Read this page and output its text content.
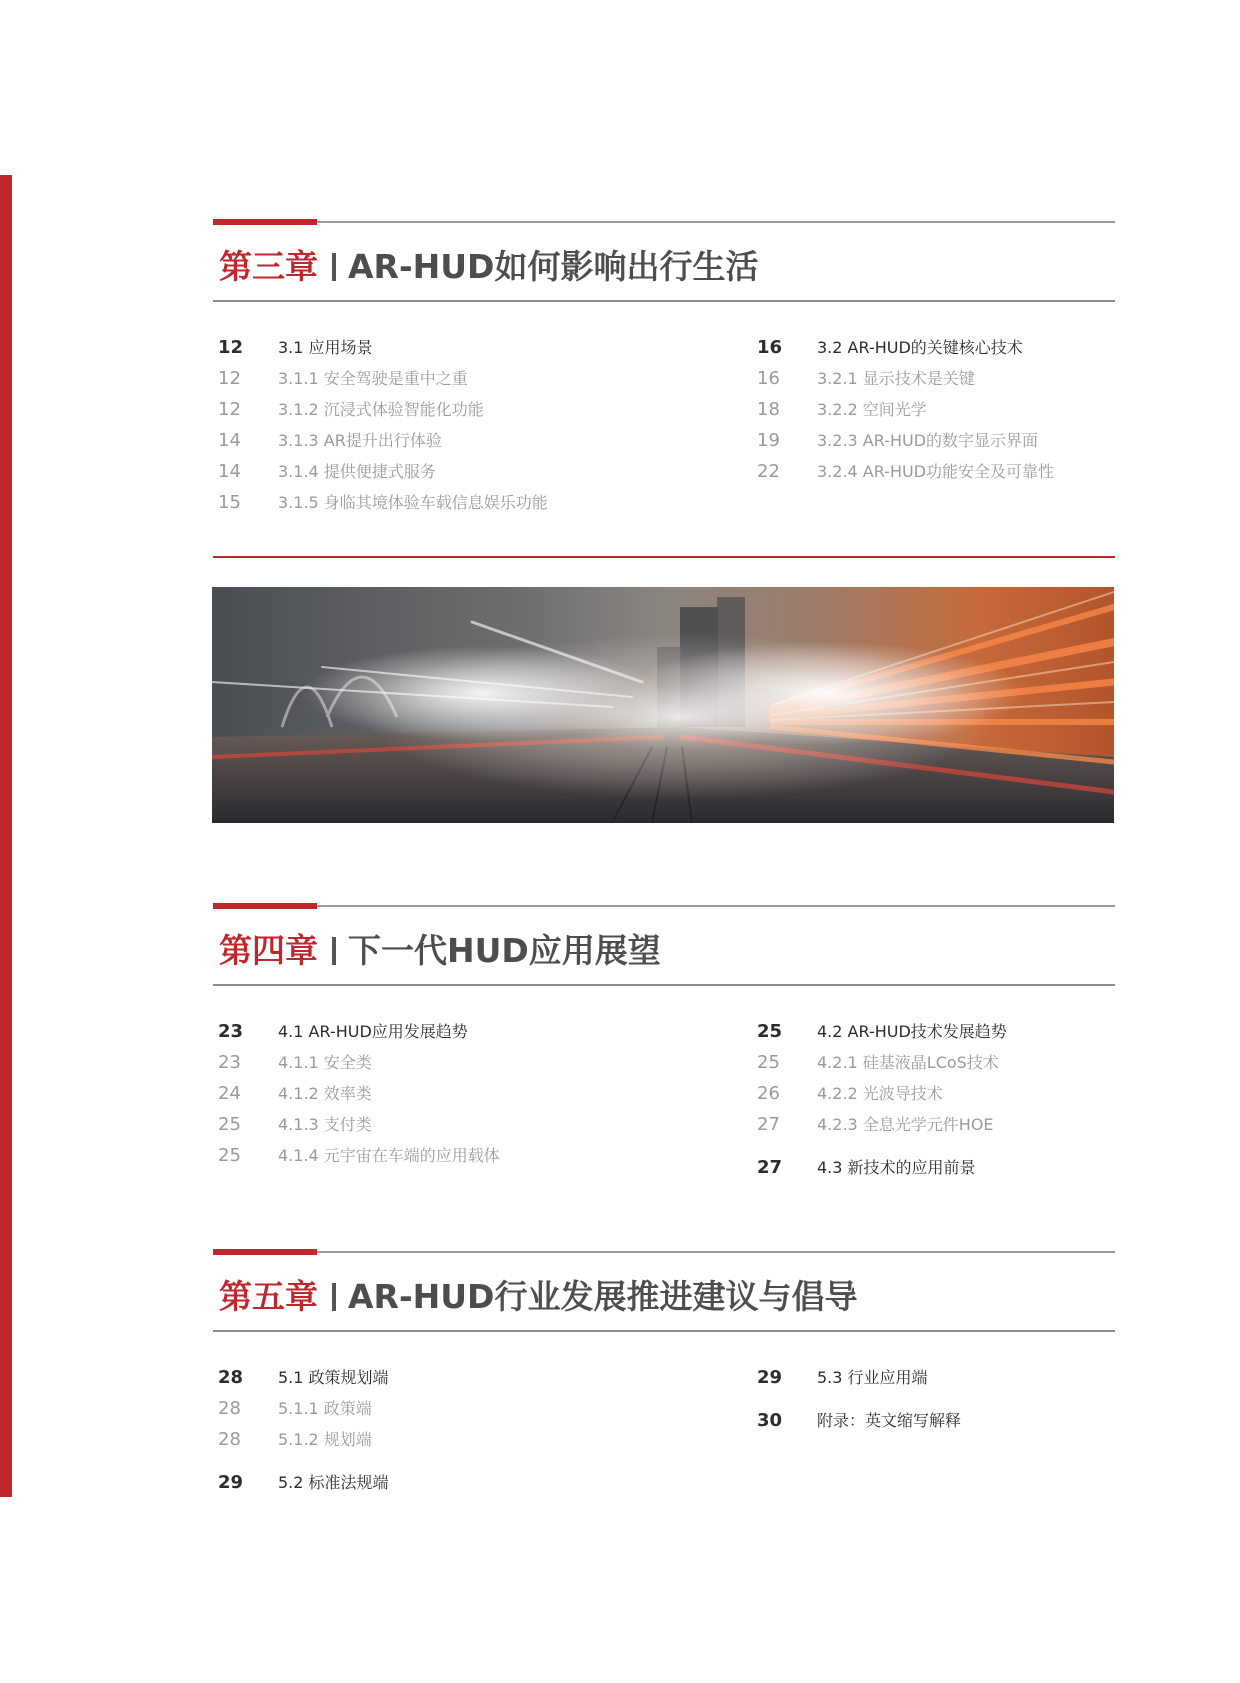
第三章 AR-HUD如何影响出行生活
12 3.1 应用场景
12 3.1.1 安全驾驶是重中之重
12 3.1.2 沉浸式体验智能化功能
14 3.1.3 AR提升出行体验
14 3.1.4 提供便捷式服务
15 3.1.5 身临其境体验车载信息娱乐功能
16 3.2 AR-HUD的关键核心技术
16 3.2.1 显示技术是关键
18 3.2.2 空间光学
19 3.2.3 AR-HUD的数字显示界面
22 3.2.4 AR-HUD功能安全及可靠性
第四章 下一代HUD应用展望
23 4.1 AR-HUD应用发展趋势
23 4.1.1 安全类
24 4.1.2 效率类
25 4.1.3 支付类
25 4.1.4 元宇宙在车端的应用载体
25 4.2 AR-HUD技术发展趋势
25 4.2.1 硅基液晶LCoS技术
26 4.2.2 光波导技术
27 4.2.3 全息光学元件HOE
27 4.3 新技术的应用前景
第五章 AR-HUD行业发展推进建议与倡导
28 5.1 政策规划端
28 5.1.1 政策端
28 5.1.2 规划端
29 5.2 标准法规端
29 5.3 行业应用端
30 附录：英文缩写解释
